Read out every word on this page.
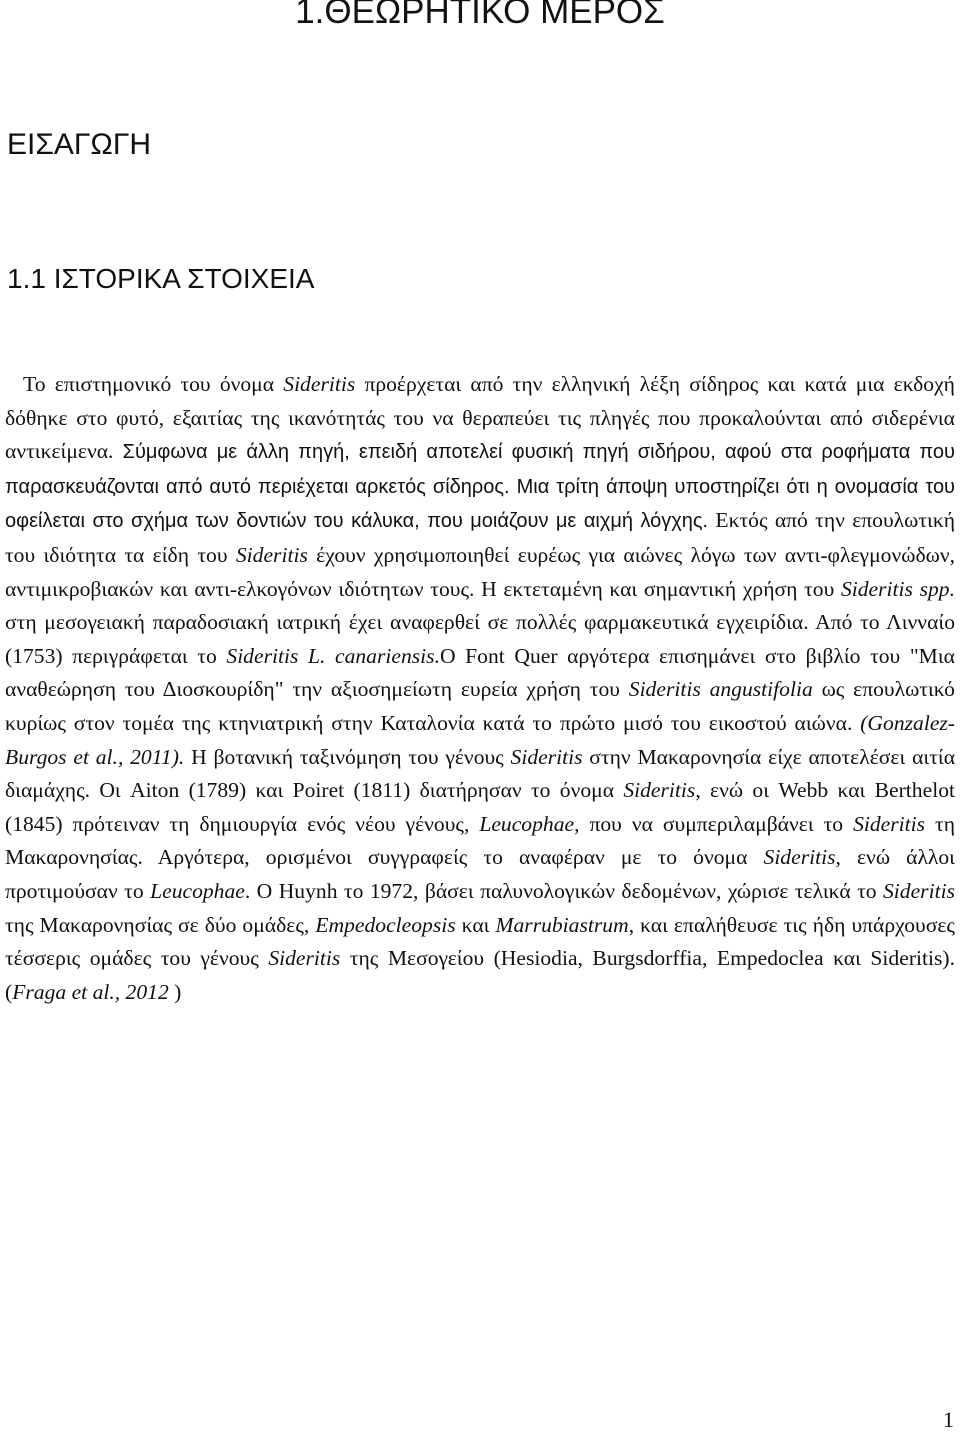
1.ΘΕΩΡΗΤΙΚΟ ΜΕΡΟΣ
ΕΙΣΑΓΩΓΗ
1.1 ΙΣΤΟΡΙΚΑ ΣΤΟΙΧΕΙΑ

Το επιστημονικό του όνομα Sideritis προέρχεται από την ελληνική λέξη σίδηρος και κατά μια εκδοχή δόθηκε στο φυτό, εξαιτίας της ικανότητάς του να θεραπεύει τις πληγές που προκαλούνται από σιδερένια αντικείμενα. Σύμφωνα με άλλη πηγή, επειδή αποτελεί φυσική πηγή σιδήρου, αφού στα ροφήματα που παρασκευάζονται από αυτό περιέχεται αρκετός σίδηρος. Μια τρίτη άποψη υποστηρίζει ότι η ονομασία του οφείλεται στο σχήμα των δοντιών του κάλυκα, που μοιάζουν με αιχμή λόγχης. Εκτός από την επουλωτική του ιδιότητα τα είδη του Sideritis έχουν χρησιμοποιηθεί ευρέως για αιώνες λόγω των αντι-φλεγμονώδων, αντιμικροβιακών και αντι-ελκογόνων ιδιότητων τους. Η εκτεταμένη και σημαντική χρήση του Sideritis spp. στη μεσογειακή παραδοσιακή ιατρική έχει αναφερθεί σε πολλές φαρμακευτικά εγχειρίδια. Από το Λινναίο (1753) περιγράφεται το Sideritis L. canariensis.Ο Font Quer αργότερα επισημάνει στο βιβλίο του "Μια αναθεώρηση του Διοσκουρίδη" την αξιοσημείωτη ευρεία χρήση του Sideritis angustifolia ως επουλωτικό κυρίως στον τομέα της κτηνιατρική στην Καταλονία κατά το πρώτο μισό του εικοστού αιώνα. (Gonzalez-Burgos et al., 2011). Η βοτανική ταξινόμηση του γένους Sideritis στην Μακαρονησία είχε αποτελέσει αιτία διαμάχης. Οι Aiton (1789) και Poiret (1811) διατήρησαν το όνομα Sideritis, ενώ οι Webb και Berthelot (1845) πρότειναν τη δημιουργία ενός νέου γένους, Leucophae, που να συμπεριλαμβάνει το Sideritis τη Μακαρονησίας. Αργότερα, ορισμένοι συγγραφείς το αναφέραν με το όνομα Sideritis, ενώ άλλοι προτιμούσαν το Leucophae. Ο Huynh το 1972, βάσει παλυνολογικών δεδομένων, χώρισε τελικά το Sideritis της Μακαρονησίας σε δύο ομάδες, Empedocleopsis και Marrubiastrum, και επαλήθευσε τις ήδη υπάρχουσες τέσσερις ομάδες του γένους Sideritis της Μεσογείου (Hesiodia, Burgsdorffia, Empedoclea και Sideritis). (Fraga et al., 2012 )

1
